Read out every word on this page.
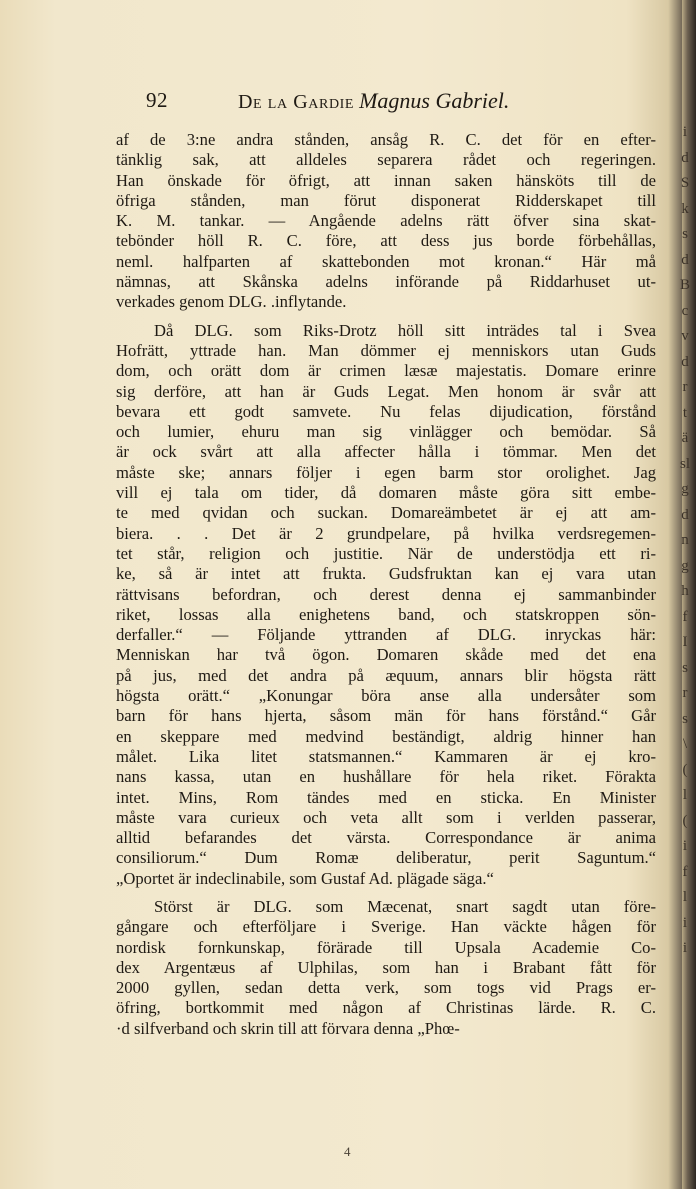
i
d
S
k
s
d
B
c
v
d
r
t
ä
sl
g
d
n
g
h
f
I
s
r
s
\
(
l
(
i
f
l
i
i
92	De la Gardie Magnus Gabriel.
af de 3:ne andra stånden, ansåg R. C. det för en efter-
tänklig sak, att alldeles separera rådet och regeringen.
Han önskade för öfrigt, att innan saken hänsköts till de
öfriga stånden, man förut disponerat Ridderskapet till
K. M. tankar. — Angående adelns rätt öfver sina skat-
tebönder höll R. C. före, att dess jus borde förbehållas,
neml. halfparten af skattebonden mot kronan.“ Här må
nämnas, att Skånska adelns införande på Riddarhuset ut-
verkades genom DLG. .inflytande.
Då DLG. som Riks-Drotz höll sitt inträdes tal i Svea
Hofrätt, yttrade han. Man dömmer ej menniskors utan Guds
dom, och orätt dom är crimen læsæ majestatis. Domare erinre
sig derföre, att han är Guds Legat. Men honom är svår att
bevara ett godt samvete. Nu felas dijudication, förstånd
och lumier, ehuru man sig vinlägger och bemödar. Så
är ock svårt att alla affecter hålla i tömmar. Men det
måste ske; annars följer i egen barm stor orolighet. Jag
vill ej tala om tider, då domaren måste göra sitt embe-
te med qvidan och suckan. Domareämbetet är ej att am-
biera. . . Det är 2 grundpelare, på hvilka verdsregemen-
tet står, religion och justitie. När de understödja ett ri-
ke, så är intet att frukta. Gudsfruktan kan ej vara utan
rättvisans befordran, och derest denna ej sammanbinder
riket, lossas alla enighetens band, och statskroppen sön-
derfaller.“ — Följande yttranden af DLG. inryckas här:
Menniskan har två ögon. Domaren skåde med det ena
på jus, med det andra på æquum, annars blir högsta rätt
högsta orätt.“ „Konungar böra anse alla undersåter som
barn för hans hjerta, såsom män för hans förstånd.“ Går
en skeppare med medvind beständigt, aldrig hinner han
målet. Lika litet statsmannen.“ Kammaren är ej kro-
nans kassa, utan en hushållare för hela riket. Förakta
intet. Mins, Rom tändes med en sticka. En Minister
måste vara curieux och veta allt som i verlden passerar,
alltid befarandes det värsta. Correspondance är anima
consiliorum.“ Dum Romæ deliberatur, perit Saguntum.“
„Oportet är indeclinabile, som Gustaf Ad. plägade säga.“
Störst är DLG. som Mæcenat, snart sagdt utan före-
gångare och efterföljare i Sverige. Han väckte hågen för
nordisk fornkunskap, förärade till Upsala Academie Co-
dex Argentæus af Ulphilas, som han i Brabant fått för
2000 gyllen, sedan detta verk, som togs vid Prags er-
öfring, bortkommit med någon af Christinas lärde. R. C.
·d silfverband och skrin till att förvara denna „Phœ-
4
